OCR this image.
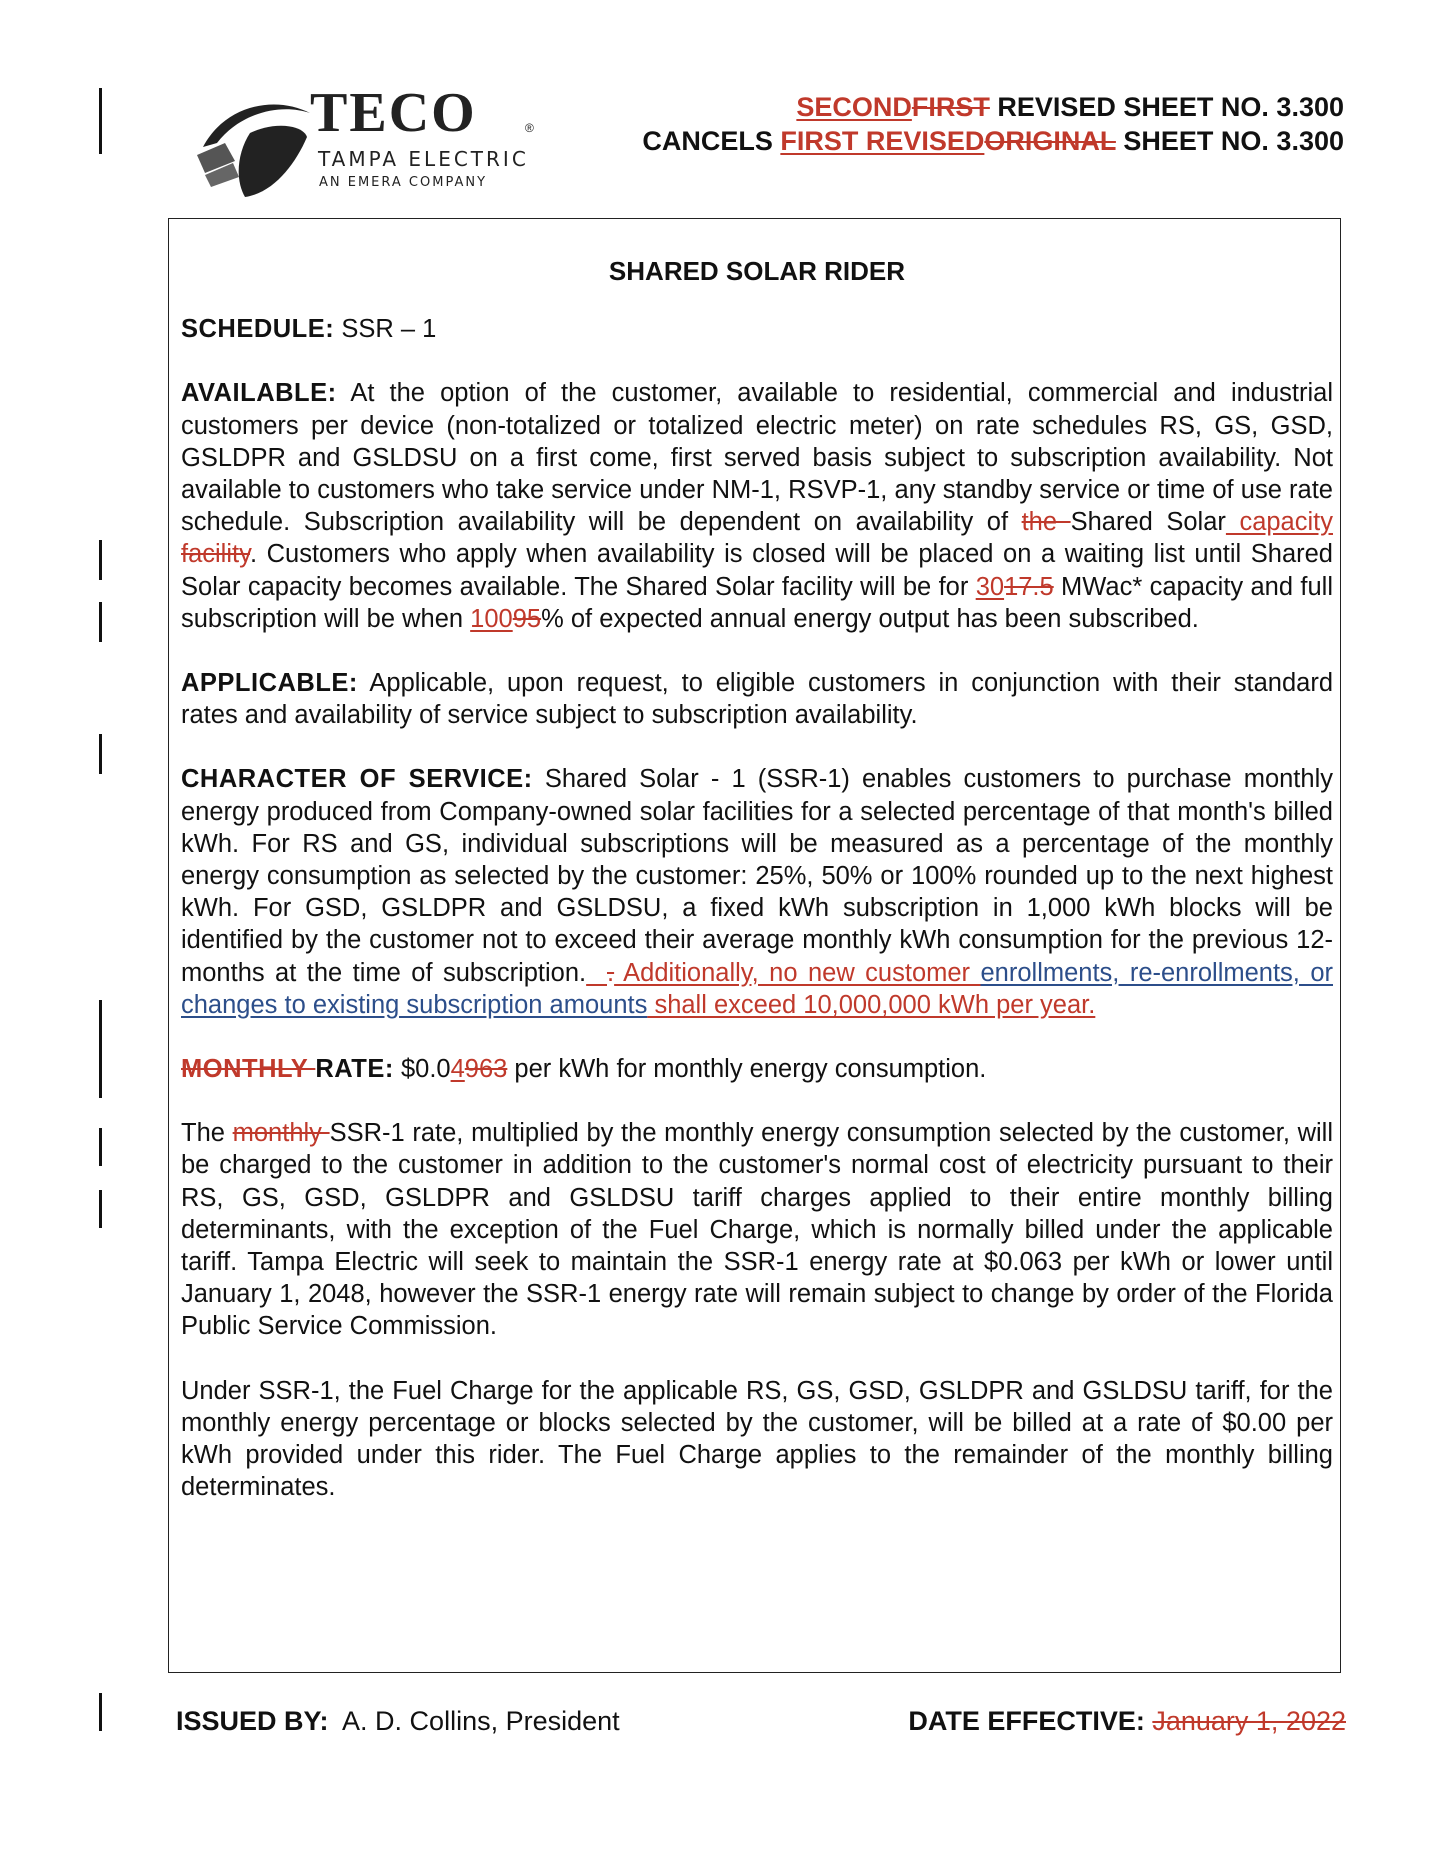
TECO	®
TAMPA ELECTRIC
AN EMERA COMPANY
SECONDFIRST REVISED SHEET NO. 3.300
CANCELS FIRST REVISEDORIGINAL SHEET NO. 3.300
SHARED SOLAR RIDER

SCHEDULE: SSR – 1

AVAILABLE: At the option of the customer, available to residential, commercial and industrial customers per device (non-totalized or totalized electric meter) on rate schedules RS, GS, GSD, GSLDPR and GSLDSU on a first come, first served basis subject to subscription availability. Not available to customers who take service under NM-1, RSVP-1, any standby service or time of use rate schedule. Subscription availability will be dependent on availability of the Shared Solar capacity facility. Customers who apply when availability is closed will be placed on a waiting list until Shared Solar capacity becomes available. The Shared Solar facility will be for 3017.5 MWac* capacity and full subscription will be when 10095% of expected annual energy output has been subscribed.

APPLICABLE: Applicable, upon request, to eligible customers in conjunction with their standard rates and availability of service subject to subscription availability.

CHARACTER OF SERVICE: Shared Solar - 1 (SSR-1) enables customers to purchase monthly energy produced from Company-owned solar facilities for a selected percentage of that month's billed kWh. For RS and GS, individual subscriptions will be measured as a percentage of the monthly energy consumption as selected by the customer: 25%, 50% or 100% rounded up to the next highest kWh. For GSD, GSLDPR and GSLDSU, a fixed kWh subscription in 1,000 kWh blocks will be identified by the customer not to exceed their average monthly kWh consumption for the previous 12-months at the time of subscription. . Additionally, no new customer enrollments, re-enrollments, or changes to existing subscription amounts shall exceed 10,000,000 kWh per year.

MONTHLY RATE: $0.04963 per kWh for monthly energy consumption.

The monthly SSR-1 rate, multiplied by the monthly energy consumption selected by the customer, will be charged to the customer in addition to the customer's normal cost of electricity pursuant to their RS, GS, GSD, GSLDPR and GSLDSU tariff charges applied to their entire monthly billing determinants, with the exception of the Fuel Charge, which is normally billed under the applicable tariff. Tampa Electric will seek to maintain the SSR-1 energy rate at $0.063 per kWh or lower until January 1, 2048, however the SSR-1 energy rate will remain subject to change by order of the Florida Public Service Commission.

Under SSR-1, the Fuel Charge for the applicable RS, GS, GSD, GSLDPR and GSLDSU tariff, for the monthly energy percentage or blocks selected by the customer, will be billed at a rate of $0.00 per kWh provided under this rider. The Fuel Charge applies to the remainder of the monthly billing determinates.

ISSUED BY:  A. D. Collins, President	DATE EFFECTIVE: January 1, 2022
